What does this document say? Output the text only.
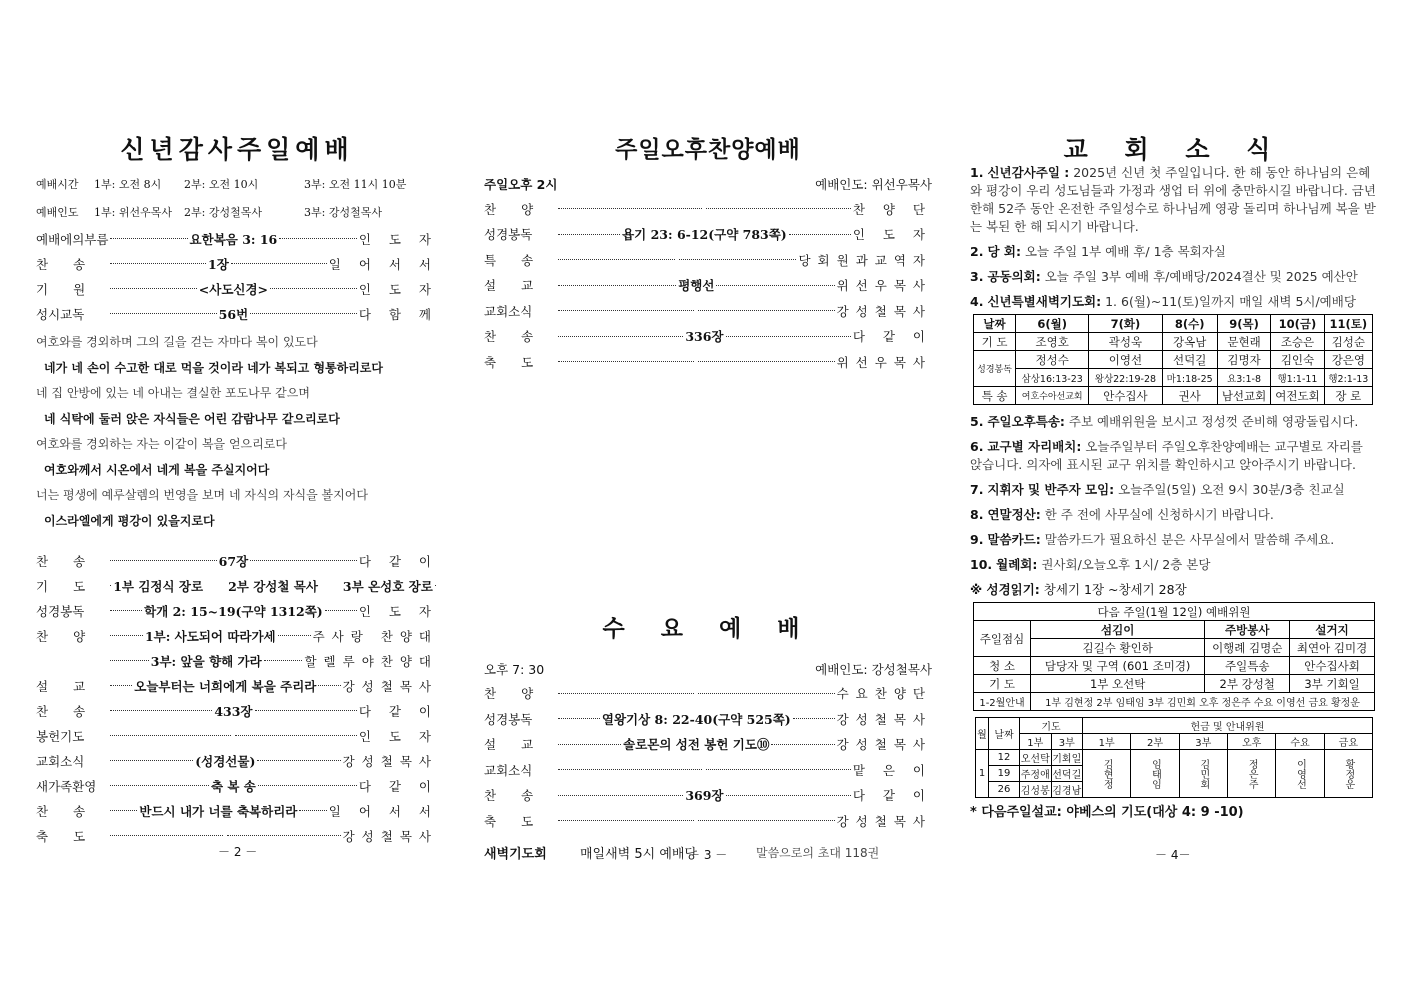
신년감사주일예배
예배시간	1부: 오전 8시	2부: 오전 10시	3부: 오전 11시 10분
예배인도	1부: 위선우목사	2부: 강성철목사	3부: 강성철목사
예배에의부름	요한복음 3: 16	인 도 자
찬　　송	1장	일 어 서 서
기　　원	<사도신경>	인 도 자
성시교독	56번	다 함 께
여호와를 경외하며 그의 길을 걷는 자마다 복이 있도다
네가 네 손이 수고한 대로 먹을 것이라 네가 복되고 형통하리로다
네 집 안방에 있는 네 아내는 결실한 포도나무 같으며
네 식탁에 둘러 앉은 자식들은 어린 감람나무 같으리로다
여호와를 경외하는 자는 이같이 복을 얻으리로다
여호와께서 시온에서 네게 복을 주실지어다
너는 평생에 예루살렘의 번영을 보며 네 자식의 자식을 볼지어다
이스라엘에게 평강이 있을지로다
찬　　송	67장	다 같 이
기　　도	1부 김정식 장로　　2부 강성철 목사　　3부 온성호 장로
성경봉독	학개 2: 15~19(구약 1312쪽)	인 도 자
찬　　양	1부: 사도되어 따라가세	주사랑 찬양대
3부: 앞을 향해 가라	할렐루야찬양대
설　　교	오늘부터는 너희에게 복을 주리라 강성철목사
찬　　송	433장	다 같 이
봉헌기도	인 도 자
교회소식	(성경선물)	강성철목사
새가족환영	축 복 송	다 같 이
찬　　송	반드시 내가 너를 축복하리라	일 어 서 서
축　　도	강성철목사
－ 2 －
주일오후찬양예배
주일오후 2시	예배인도: 위선우목사
찬　　양	찬 양 단
성경봉독	욥기 23: 6-12(구약 783쪽)	인 도 자
특　　송	당회원과교역자
설　　교	평행선	위선우목사
교회소식	강성철목사
찬　　송	336장	다 같 이
축　　도	위선우목사
수 요 예 배
오후 7: 30	예배인도: 강성철목사
찬　　양	수요찬양단
성경봉독	열왕기상 8: 22-40(구약 525쪽)	강성철목사
설　　교	솔로몬의 성전 봉헌 기도⑩	강성철목사
교회소식	맡 은 이
찬　　송	369장	다 같 이
축　　도	강성철목사
새벽기도회	매일새벽 5시 예배당	말씀으로의 초대 118권
－ 3 －
교 회 소 식
1. 신년감사주일 : 2025년 신년 첫 주일입니다. 한 해 동안 하나님의 은혜와 평강이 우리 성도님들과 가정과 생업 터 위에 충만하시길 바랍니다. 금년 한해 52주 동안 온전한 주일성수로 하나님께 영광 돌리며 하나님께 복을 받는 복된 한 해 되시기 바랍니다.
2. 당 회: 오늘 주일 1부 예배 후/ 1층 목회자실
3. 공동의회: 오늘 주일 3부 예배 후/예배당/2024결산 및 2025 예산안
4. 신년특별새벽기도회: 1. 6(월)~11(토)일까지 매일 새벽 5시/예배당
날짜	6(월)	7(화)	8(수)	9(목)	10(금)	11(토)
기 도	조영호	곽성욱	강옥남	문현래	조승은	김성순
성경봉독	정성수	이영선	선덕길	김명자	김인숙	강은영
	삼상16:13-23	왕상22:19-28	마1:18-25	요3:1-8	행1:1-11	행2:1-13
특 송	여호수아선교회	안수집사	권사	남선교회	여전도회	장 로
5. 주일오후특송: 주보 예배위원을 보시고 정성껏 준비해 영광돌립시다.
6. 교구별 자리배치: 오늘주일부터 주일오후찬양예배는 교구별로 자리를 앉습니다. 의자에 표시된 교구 위치를 확인하시고 앉아주시기 바랍니다.
7. 지휘자 및 반주자 모임: 오늘주일(5일) 오전 9시 30분/3층 친교실
8. 연말정산: 한 주 전에 사무실에 신청하시기 바랍니다.
9. 말씀카드: 말씀카드가 필요하신 분은 사무실에서 말씀해 주세요.
10. 월례회: 권사회/오늘오후 1시/ 2층 본당
※ 성경읽기: 창세기 1장 ~창세기 28장
다음 주일(1월 12일) 예배위원			
주일점심	섬김이	주방봉사	설거지
	김길수 황인하	이행례 김명순	최연아 김미경
청 소	담당자 및 구역 (601 조미경)	주일특송	안수집사회
기 도	1부 오선탁	2부 강성철	3부 기회일
1-2월안내	1부 김현정 2부 임태임 3부 김민회 오후 정은주 수요 이영선 금요 황정운		
월	날짜	기도		헌금 및 안내위원					
		1부	3부	1부	2부	3부	오후	수요	금요
1	12	오선탁	기회일	김현정	임태임	김민회	정은주	이영선	황정운
	19	주정애	선덕길						
	26	김성봉	김경남						
* 다음주일설교: 야베스의 기도(대상 4: 9 -10)
－ 4－
